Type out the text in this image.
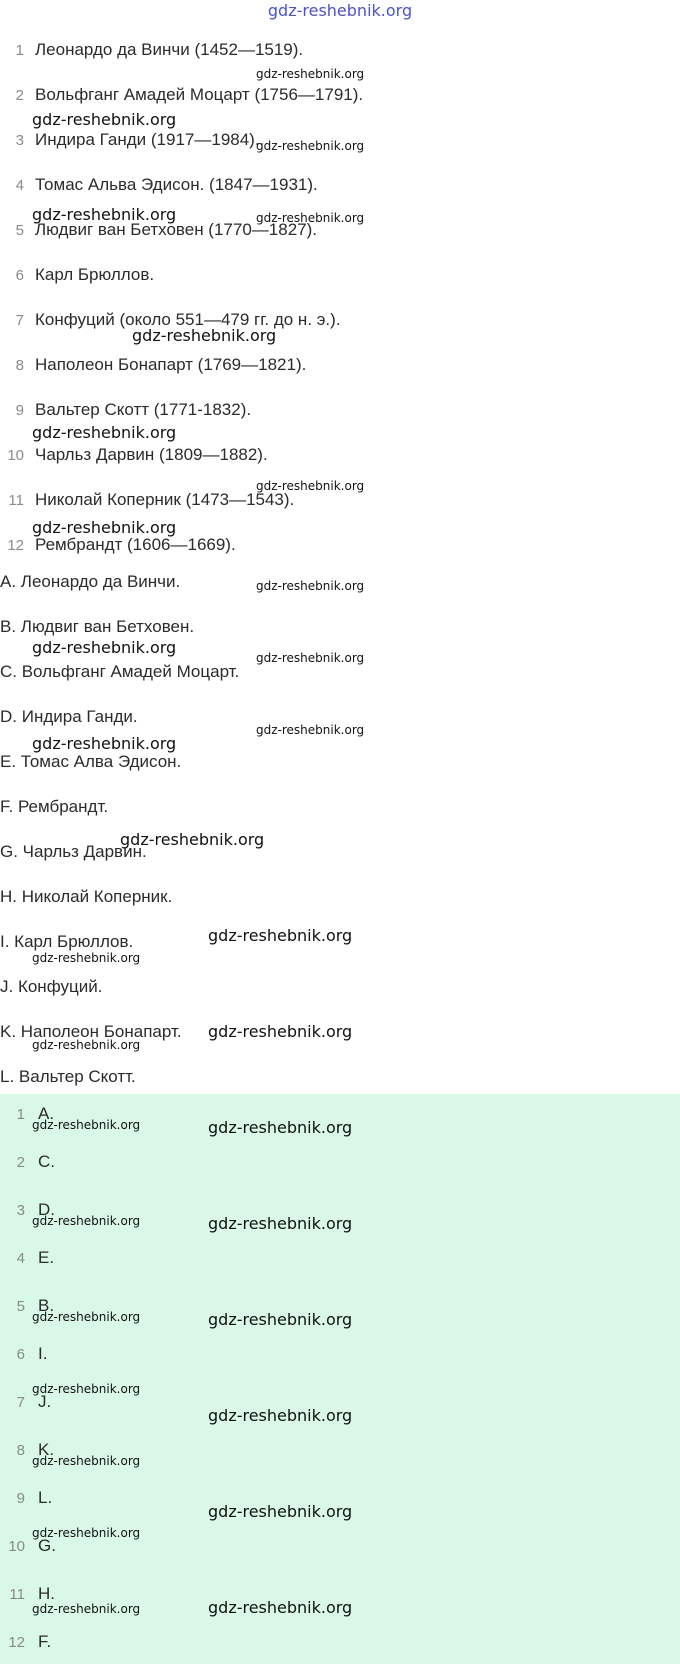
gdz-reshebnik.org
1 Леонардо да Винчи (1452—1519).
2 Вольфганг Амадей Моцарт (1756—1791).
3 Индира Ганди (1917—1984).
4 Томас Альва Эдисон. (1847—1931).
5 Людвиг ван Бетховен (1770—1827).
6 Карл Брюллов.
7 Конфуций (около 551—479 гг. до н. э.).
8 Наполеон Бонапарт (1769—1821).
9 Вальтер Скотт (1771-1832).
10 Чарльз Дарвин (1809—1882).
11 Николай Коперник (1473—1543).
12 Рембрандт (1606—1669).
A. Леонардо да Винчи.
B. Людвиг ван Бетховен.
C. Вольфганг Амадей Моцарт.
D. Индира Ганди.
E. Томас Алва Эдисон.
F. Рембрандт.
G. Чарльз Дарвин.
H. Николай Коперник.
I. Карл Брюллов.
J. Конфуций.
K. Наполеон Бонапарт.
L. Вальтер Скотт.
1 A.
2 C.
3 D.
4 E.
5 B.
6 I.
7 J.
8 K.
9 L.
10 G.
11 H.
12 F.
gdz-reshebnik.org
gdz-reshebnik.org
gdz-reshebnik.org
gdz-reshebnik.org	gdz-reshebnik.org
gdz-reshebnik.org
gdz-reshebnik.org
gdz-reshebnik.org
gdz-reshebnik.org
gdz-reshebnik.org
gdz-reshebnik.org
gdz-reshebnik.org
gdz-reshebnik.org
gdz-reshebnik.org
gdz-reshebnik.org
gdz-reshebnik.org
gdz-reshebnik.org
gdz-reshebnik.org
gdz-reshebnik.org
gdz-reshebnik.org	gdz-reshebnik.org
gdz-reshebnik.org	gdz-reshebnik.org
gdz-reshebnik.org	gdz-reshebnik.org
gdz-reshebnik.org
gdz-reshebnik.org
gdz-reshebnik.org
gdz-reshebnik.org
gdz-reshebnik.org
gdz-reshebnik.org
gdz-reshebnik.org
